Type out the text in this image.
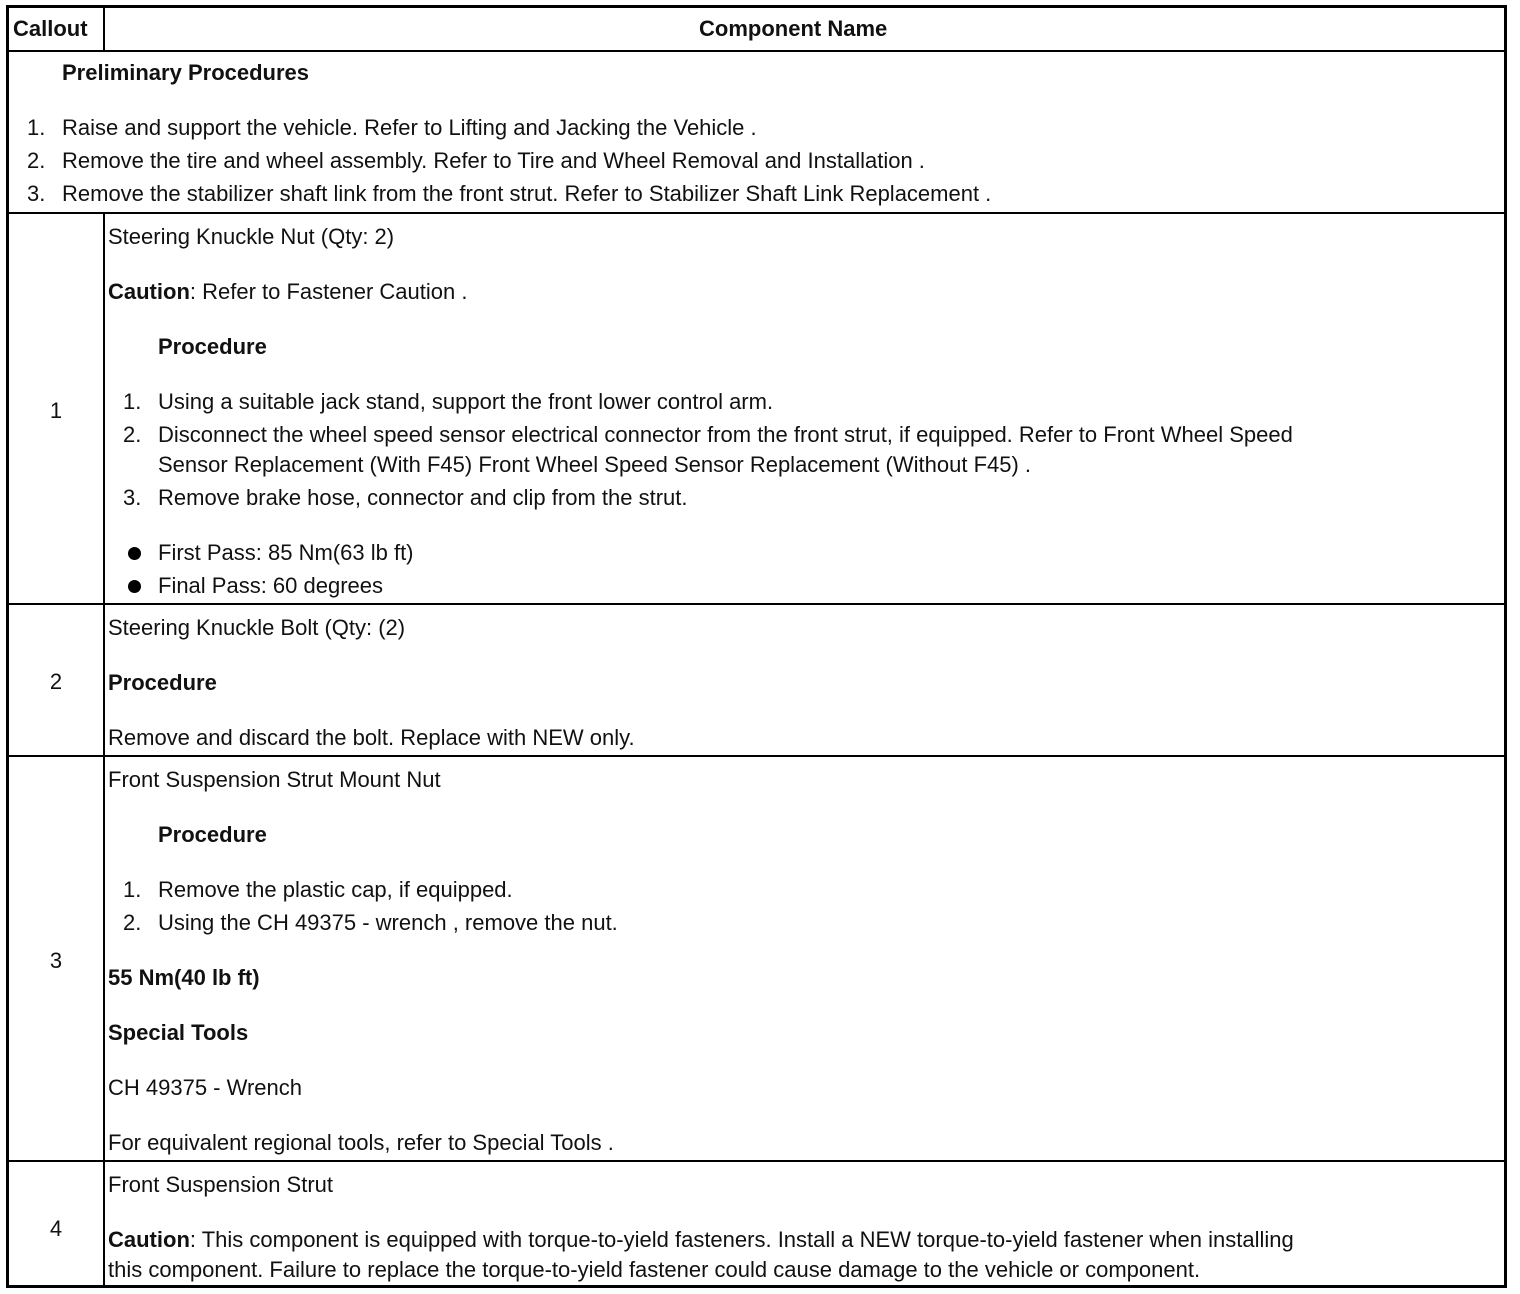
Callout	Component Name
Preliminary Procedures
1. Raise and support the vehicle. Refer to Lifting and Jacking the Vehicle .
2. Remove the tire and wheel assembly. Refer to Tire and Wheel Removal and Installation .
3. Remove the stabilizer shaft link from the front strut. Refer to Stabilizer Shaft Link Replacement .
1
Steering Knuckle Nut (Qty: 2)
Caution: Refer to Fastener Caution .
Procedure
1. Using a suitable jack stand, support the front lower control arm.
2. Disconnect the wheel speed sensor electrical connector from the front strut, if equipped. Refer to Front Wheel Speed
Sensor Replacement (With F45) Front Wheel Speed Sensor Replacement (Without F45) .
3. Remove brake hose, connector and clip from the strut.
First Pass: 85 Nm(63 lb ft)
Final Pass: 60 degrees
2
Steering Knuckle Bolt (Qty: (2)
Procedure
Remove and discard the bolt. Replace with NEW only.
3
Front Suspension Strut Mount Nut
Procedure
1. Remove the plastic cap, if equipped.
2. Using the CH 49375 - wrench , remove the nut.
55 Nm(40 lb ft)
Special Tools
CH 49375 - Wrench
For equivalent regional tools, refer to Special Tools .
4
Front Suspension Strut
Caution: This component is equipped with torque-to-yield fasteners. Install a NEW torque-to-yield fastener when installing
this component. Failure to replace the torque-to-yield fastener could cause damage to the vehicle or component.
